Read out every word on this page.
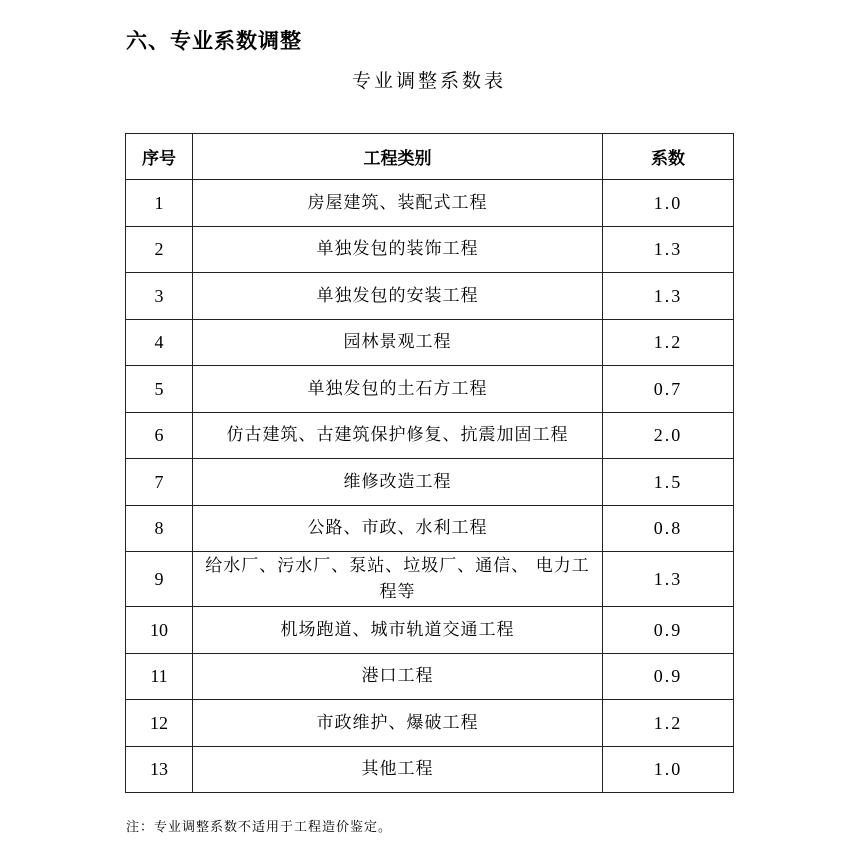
六、专业系数调整
专业调整系数表
序号	工程类别	系数
1	房屋建筑、装配式工程	1.0
2	单独发包的装饰工程	1.3
3	单独发包的安装工程	1.3
4	园林景观工程	1.2
5	单独发包的土石方工程	0.7
6	仿古建筑、古建筑保护修复、抗震加固工程	2.0
7	维修改造工程	1.5
8	公路、市政、水利工程	0.8
9	给水厂、污水厂、泵站、垃圾厂、通信、 电力工程等	1.3
10	机场跑道、城市轨道交通工程	0.9
11	港口工程	0.9
12	市政维护、爆破工程	1.2
13	其他工程	1.0
注：专业调整系数不适用于工程造价鉴定。
